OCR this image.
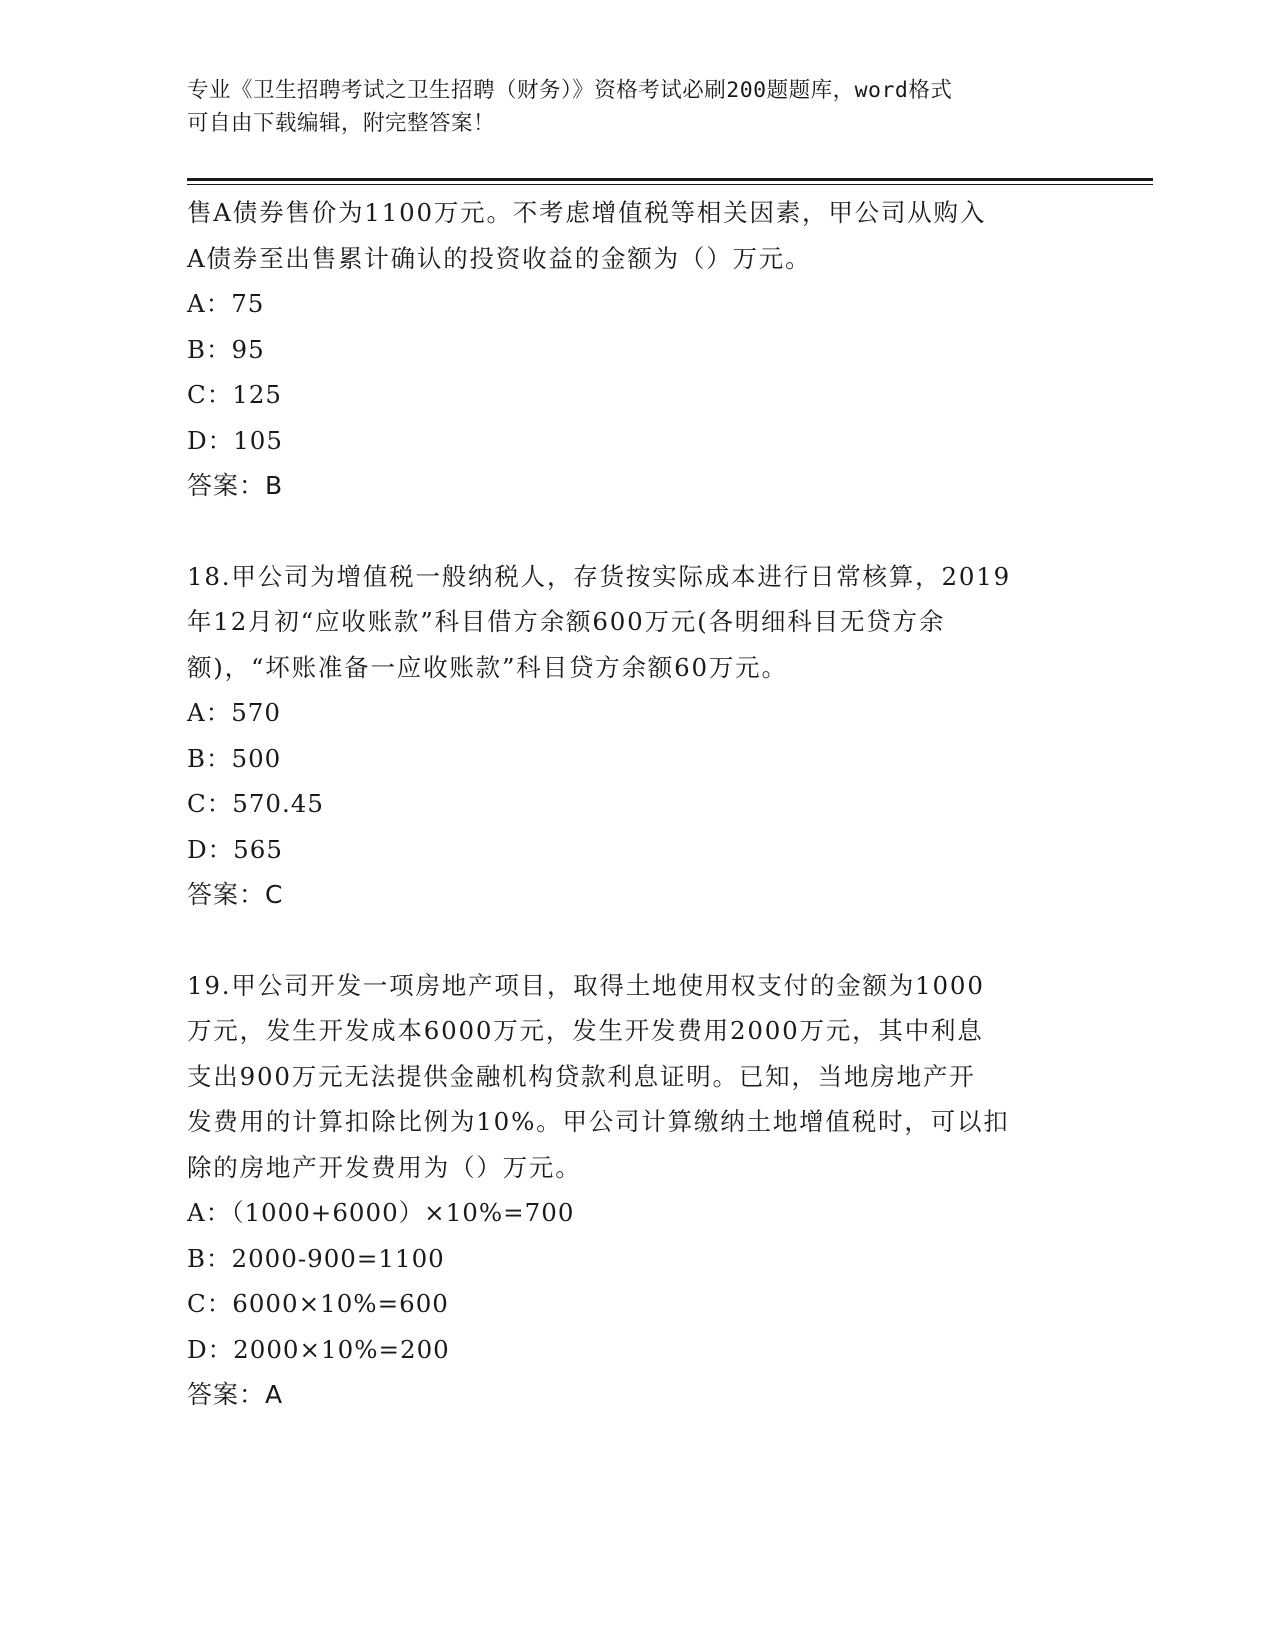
专业《卫生招聘考试之卫生招聘（财务）》资格考试必刷200题题库，word格式
可自由下载编辑，附完整答案！
售A债券售价为1100万元。不考虑增值税等相关因素，甲公司从购入
A债券至出售累计确认的投资收益的金额为（）万元。
A：75
B：95
C：125
D：105
答案：B
18.甲公司为增值税一般纳税人，存货按实际成本进行日常核算，2019
年12月初“应收账款”科目借方余额600万元(各明细科目无贷方余
额)，“坏账准备一应收账款”科目贷方余额60万元。
A：570
B：500
C：570.45
D：565
答案：C
19.甲公司开发一项房地产项目，取得土地使用权支付的金额为1000
万元，发生开发成本6000万元，发生开发费用2000万元，其中利息
支出900万元无法提供金融机构贷款利息证明。已知，当地房地产开
发费用的计算扣除比例为10%。甲公司计算缴纳土地增值税时，可以扣
除的房地产开发费用为（）万元。
A：（1000+6000）×10%=700
B：2000-900=1100
C：6000×10%=600
D：2000×10%=200
答案：A
